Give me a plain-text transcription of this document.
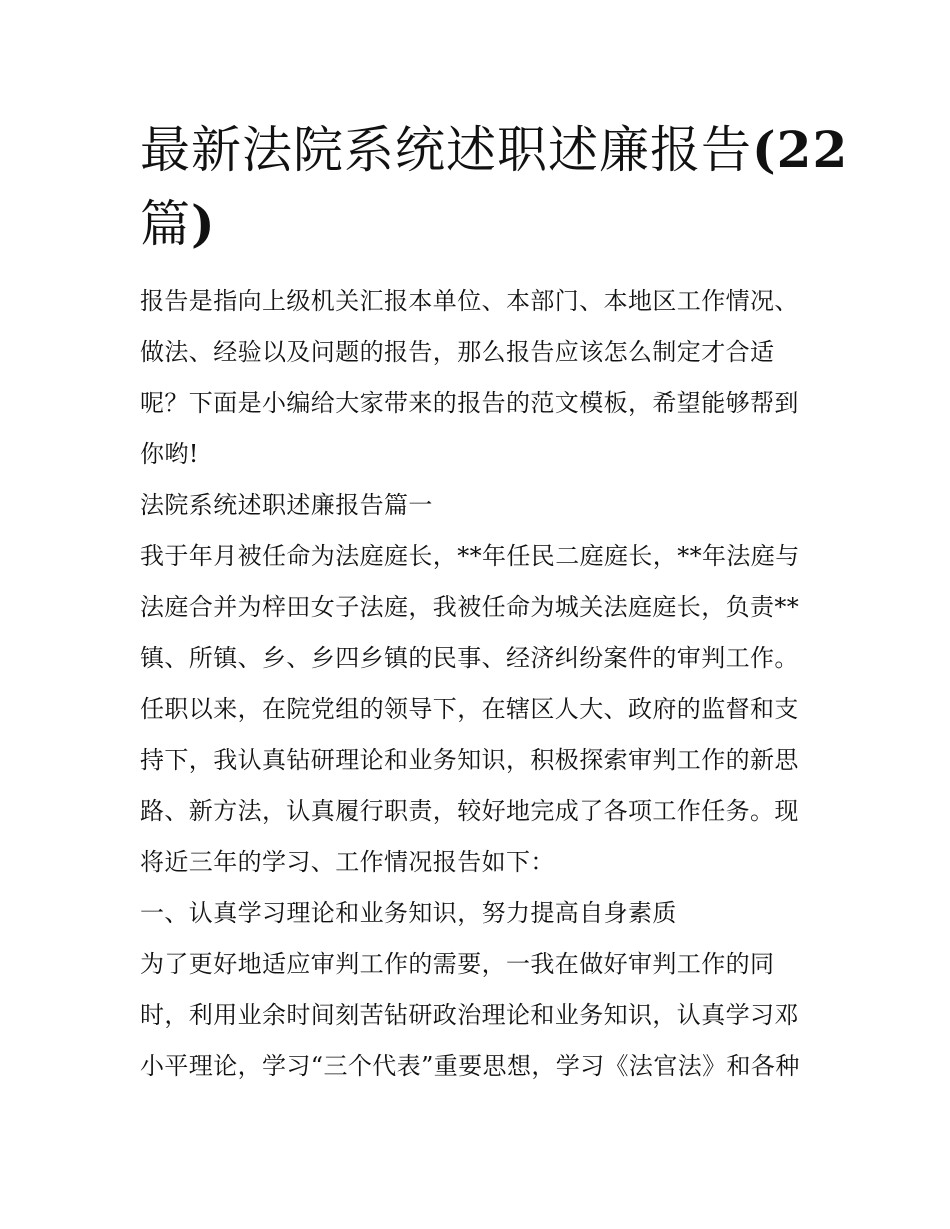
最新法院系统述职述廉报告(22
篇)
报告是指向上级机关汇报本单位、本部门、本地区工作情况、
做法、经验以及问题的报告，那么报告应该怎么制定才合适
呢？下面是小编给大家带来的报告的范文模板，希望能够帮到
你哟!
法院系统述职述廉报告篇一
我于年月被任命为法庭庭长，**年任民二庭庭长，**年法庭与
法庭合并为梓田女子法庭，我被任命为城关法庭庭长，负责**
镇、所镇、乡、乡四乡镇的民事、经济纠纷案件的审判工作。
任职以来，在院党组的领导下，在辖区人大、政府的监督和支
持下，我认真钻研理论和业务知识，积极探索审判工作的新思
路、新方法，认真履行职责，较好地完成了各项工作任务。现
将近三年的学习、工作情况报告如下：
一、认真学习理论和业务知识，努力提高自身素质
为了更好地适应审判工作的需要，一我在做好审判工作的同
时，利用业余时间刻苦钻研政治理论和业务知识，认真学习邓
小平理论，学习“三个代表”重要思想，学习《法官法》和各种
